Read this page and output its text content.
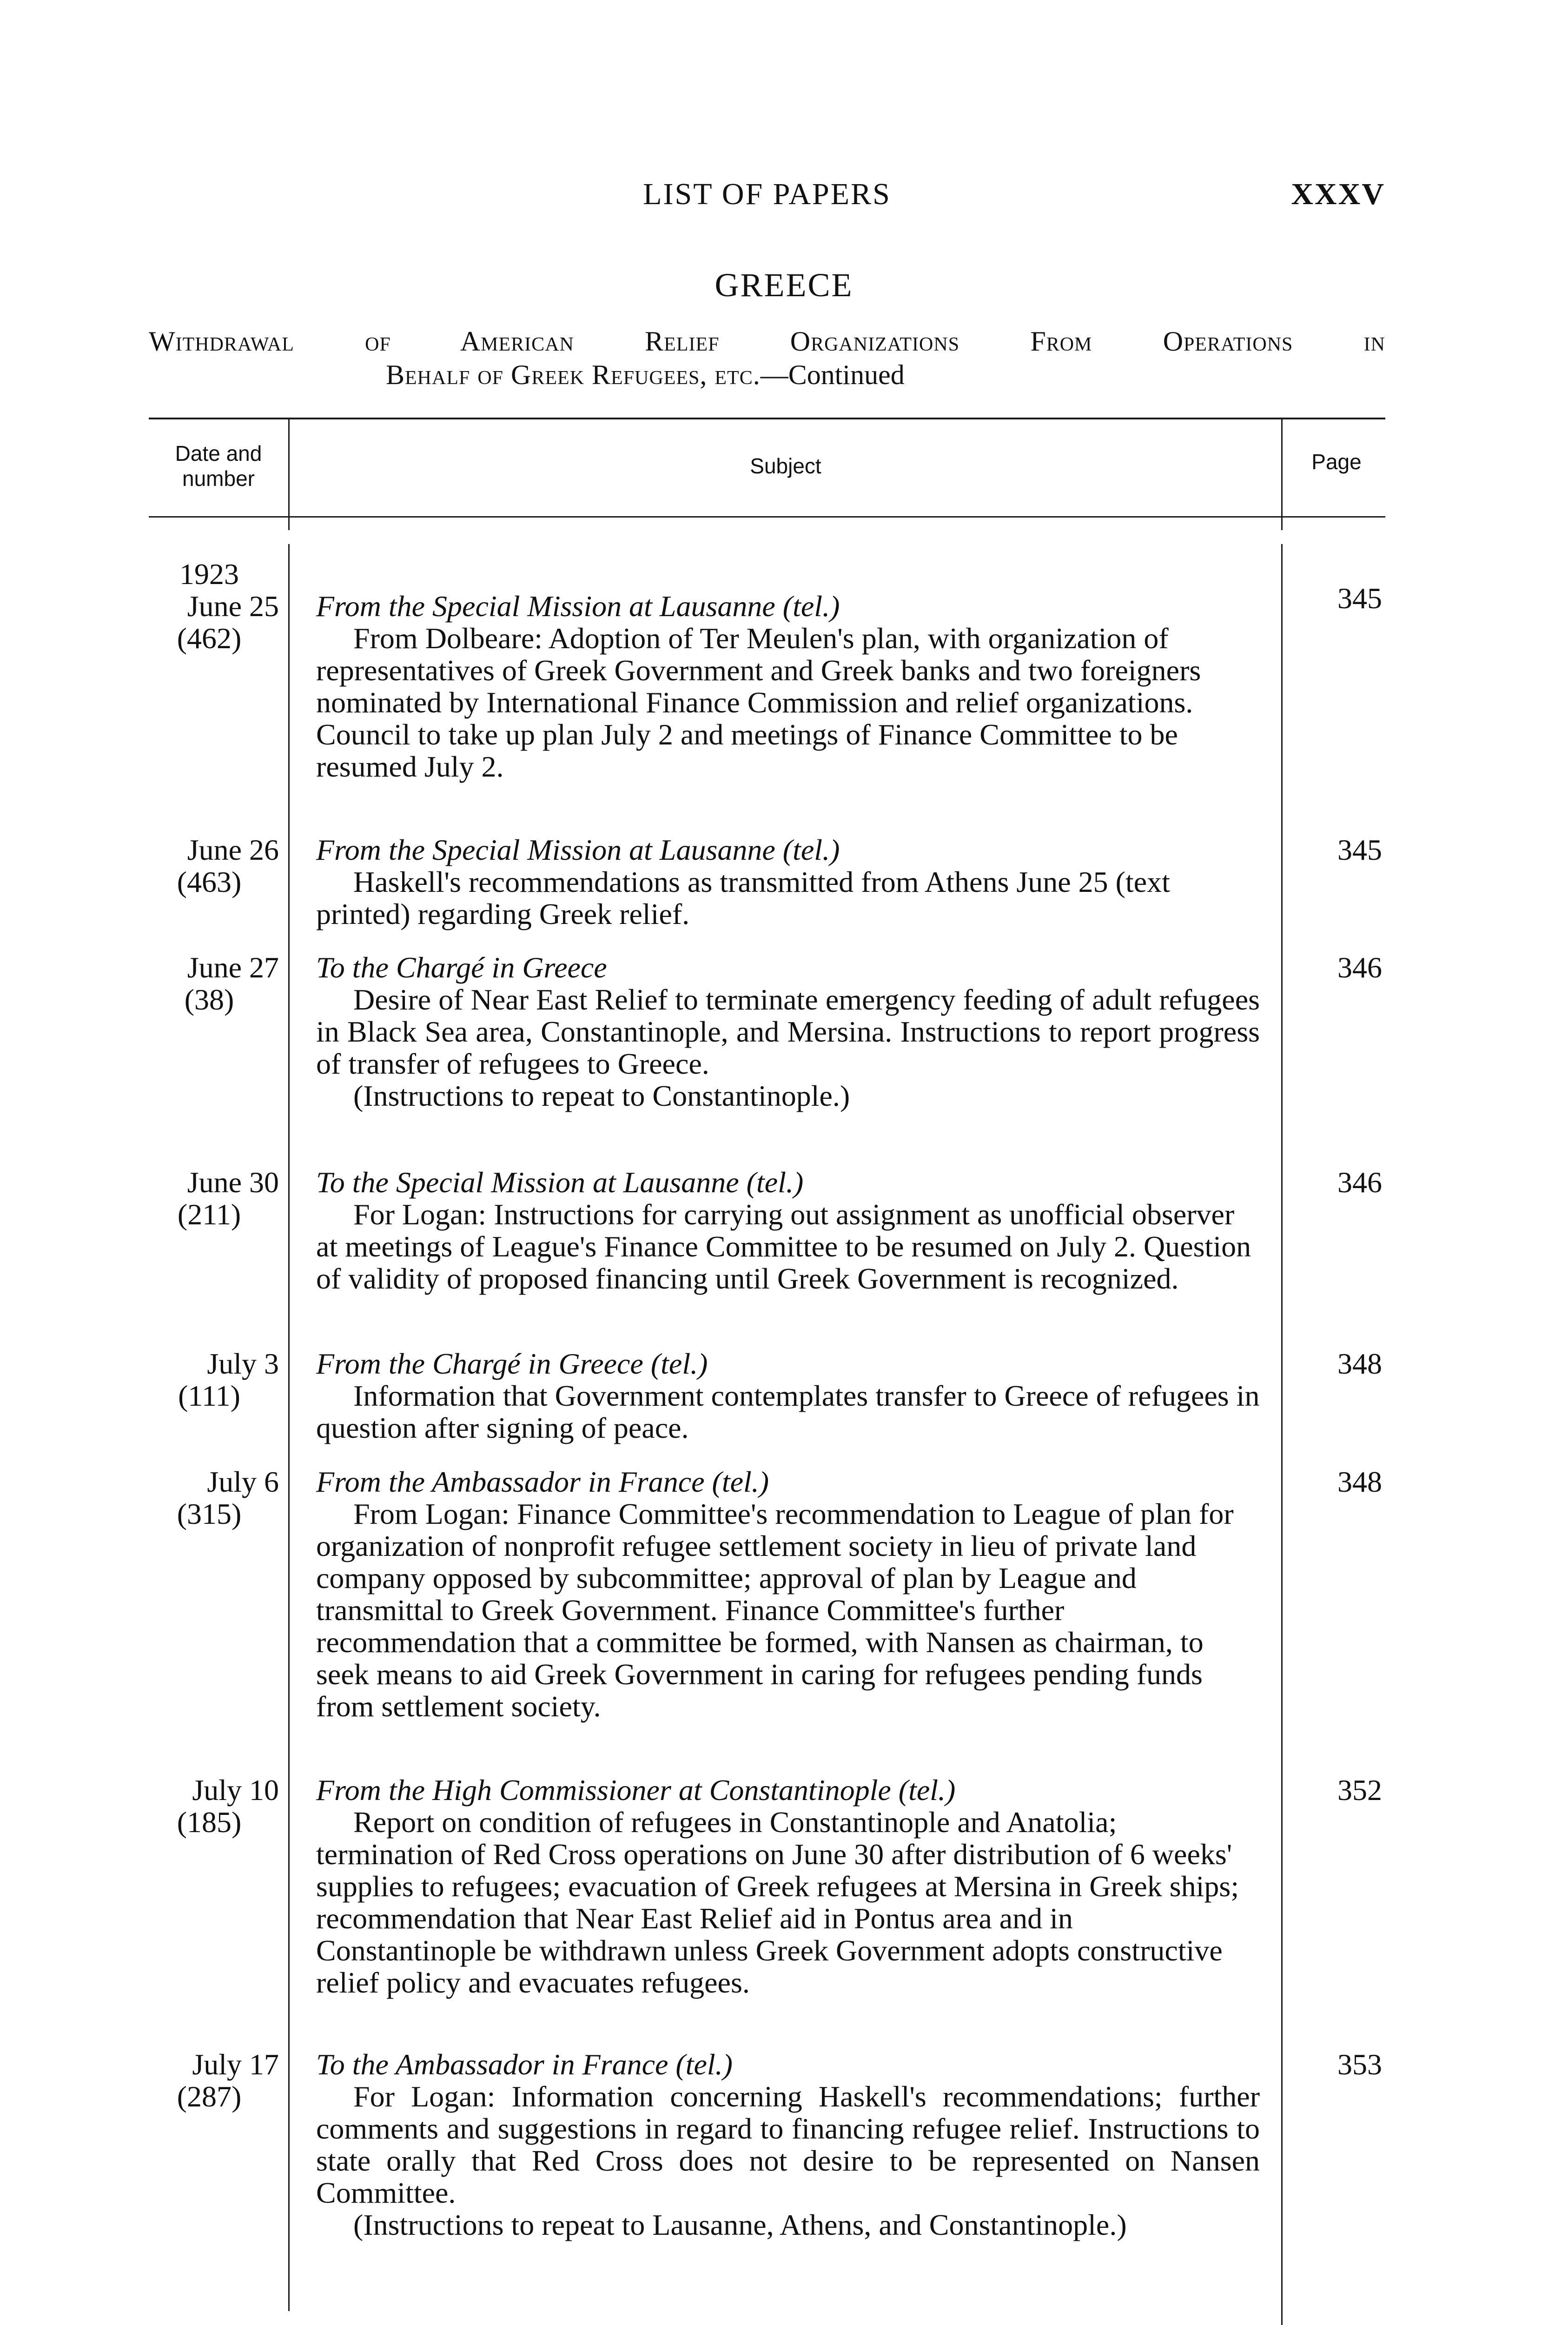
LIST OF PAPERS	XXXV
GREECE
Withdrawal of American Relief Organizations From Operations in
Behalf of Greek Refugees, etc.—Continued
Date and number
Subject	Page
1923
June 25
(462)
From the Special Mission at Lausanne (tel.)

From Dolbeare: Adoption of Ter Meulen's plan, with organization of representatives of Greek Government and Greek banks and two foreigners nominated by International Finance Commission and relief organizations. Council to take up plan July 2 and meetings of Finance Committee to be resumed July 2.

345
June 26
(463)
From the Special Mission at Lausanne (tel.)

Haskell's recommendations as transmitted from Athens June 25 (text printed) regarding Greek relief.

345
June 27
(38)
To the Chargé in Greece

Desire of Near East Relief to terminate emergency feeding of adult refugees in Black Sea area, Constantinople, and Mersina. Instructions to report progress of transfer of refugees to Greece.

(Instructions to repeat to Constantinople.)

346
June 30
(211)
To the Special Mission at Lausanne (tel.)

For Logan: Instructions for carrying out assignment as unofficial observer at meetings of League's Finance Committee to be resumed on July 2. Question of validity of proposed financing until Greek Government is recognized.

346
July 3
(111)
From the Chargé in Greece (tel.)

Information that Government contemplates transfer to Greece of refugees in question after signing of peace.

348
July 6
(315)
From the Ambassador in France (tel.)

From Logan: Finance Committee's recommendation to League of plan for organization of nonprofit refugee settlement society in lieu of private land company opposed by subcommittee; approval of plan by League and transmittal to Greek Government. Finance Committee's further recommendation that a committee be formed, with Nansen as chairman, to seek means to aid Greek Government in caring for refugees pending funds from settlement society.

348
July 10
(185)
From the High Commissioner at Constantinople (tel.)

Report on condition of refugees in Constantinople and Anatolia; termination of Red Cross operations on June 30 after distribution of 6 weeks' supplies to refugees; evacuation of Greek refugees at Mersina in Greek ships; recommendation that Near East Relief aid in Pontus area and in Constantinople be withdrawn unless Greek Government adopts constructive relief policy and evacuates refugees.

352
July 17
(287)
To the Ambassador in France (tel.)

For Logan: Information concerning Haskell's recommendations; further comments and suggestions in regard to financing refugee relief. Instructions to state orally that Red Cross does not desire to be represented on Nansen Committee.

(Instructions to repeat to Lausanne, Athens, and Constantinople.)

353
